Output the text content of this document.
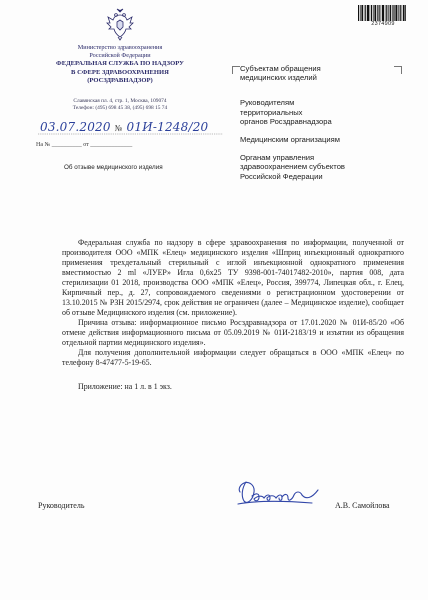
2374909
Министерство здравоохранения
Российской Федерации
ФЕДЕРАЛЬНАЯ СЛУЖБА ПО НАДЗОРУ
В СФЕРЕ ЗДРАВООХРАНЕНИЯ
(РОСЗДРАВНАДЗОР)
Славянская пл. 4, стр. 1, Москва, 109074
Телефон: (495) 698 45 38, (495) 698 15 74
03.07.2020 № 01И-1248/20
На № __________ от ______________
Об отзыве медицинского изделия
Субъектам обращения
медицинских изделий
Руководителям
территориальных
органов Росздравнадзора
Медицинским организациям
Органам управления
здравоохранением субъектов
Российской Федерации

Федеральная служба по надзору в сфере здравоохранения по информации, полученной от производителя ООО «МПК «Елец» медицинского изделия «Шприц инъекционный однократного применения трехдетальный стерильный с иглой инъекционной однократного применения вместимостью 2 ml «ЛУЕР» Игла 0,6х25 ТУ 9398-001-74017482-2010», партия 008, дата стерилизации 01 2018, производства ООО «МПК «Елец», Россия, 399774, Липецкая обл., г. Елец, Кирпичный пер., д. 27, сопровождаемого сведениями о регистрационном удостоверении от 13.10.2015 № РЗН 2015/2974, срок действия не ограничен (далее – Медицинское изделие), сообщает об отзыве Медицинского изделия (см. приложение).

Причина отзыва: информационное письмо Росздравнадзора от 17.01.2020 № 01И-85/20 «Об отмене действия информационного письма от 05.09.2019 № 01И-2183/19 и изъятии из обращения отдельной партии медицинского изделия».

Для получения дополнительной информации следует обращаться в ООО «МПК «Елец» по телефону 8-47477-5-19-65.

Приложение: на 1 л. в 1 экз.

Руководитель	А.В. Самойлова
